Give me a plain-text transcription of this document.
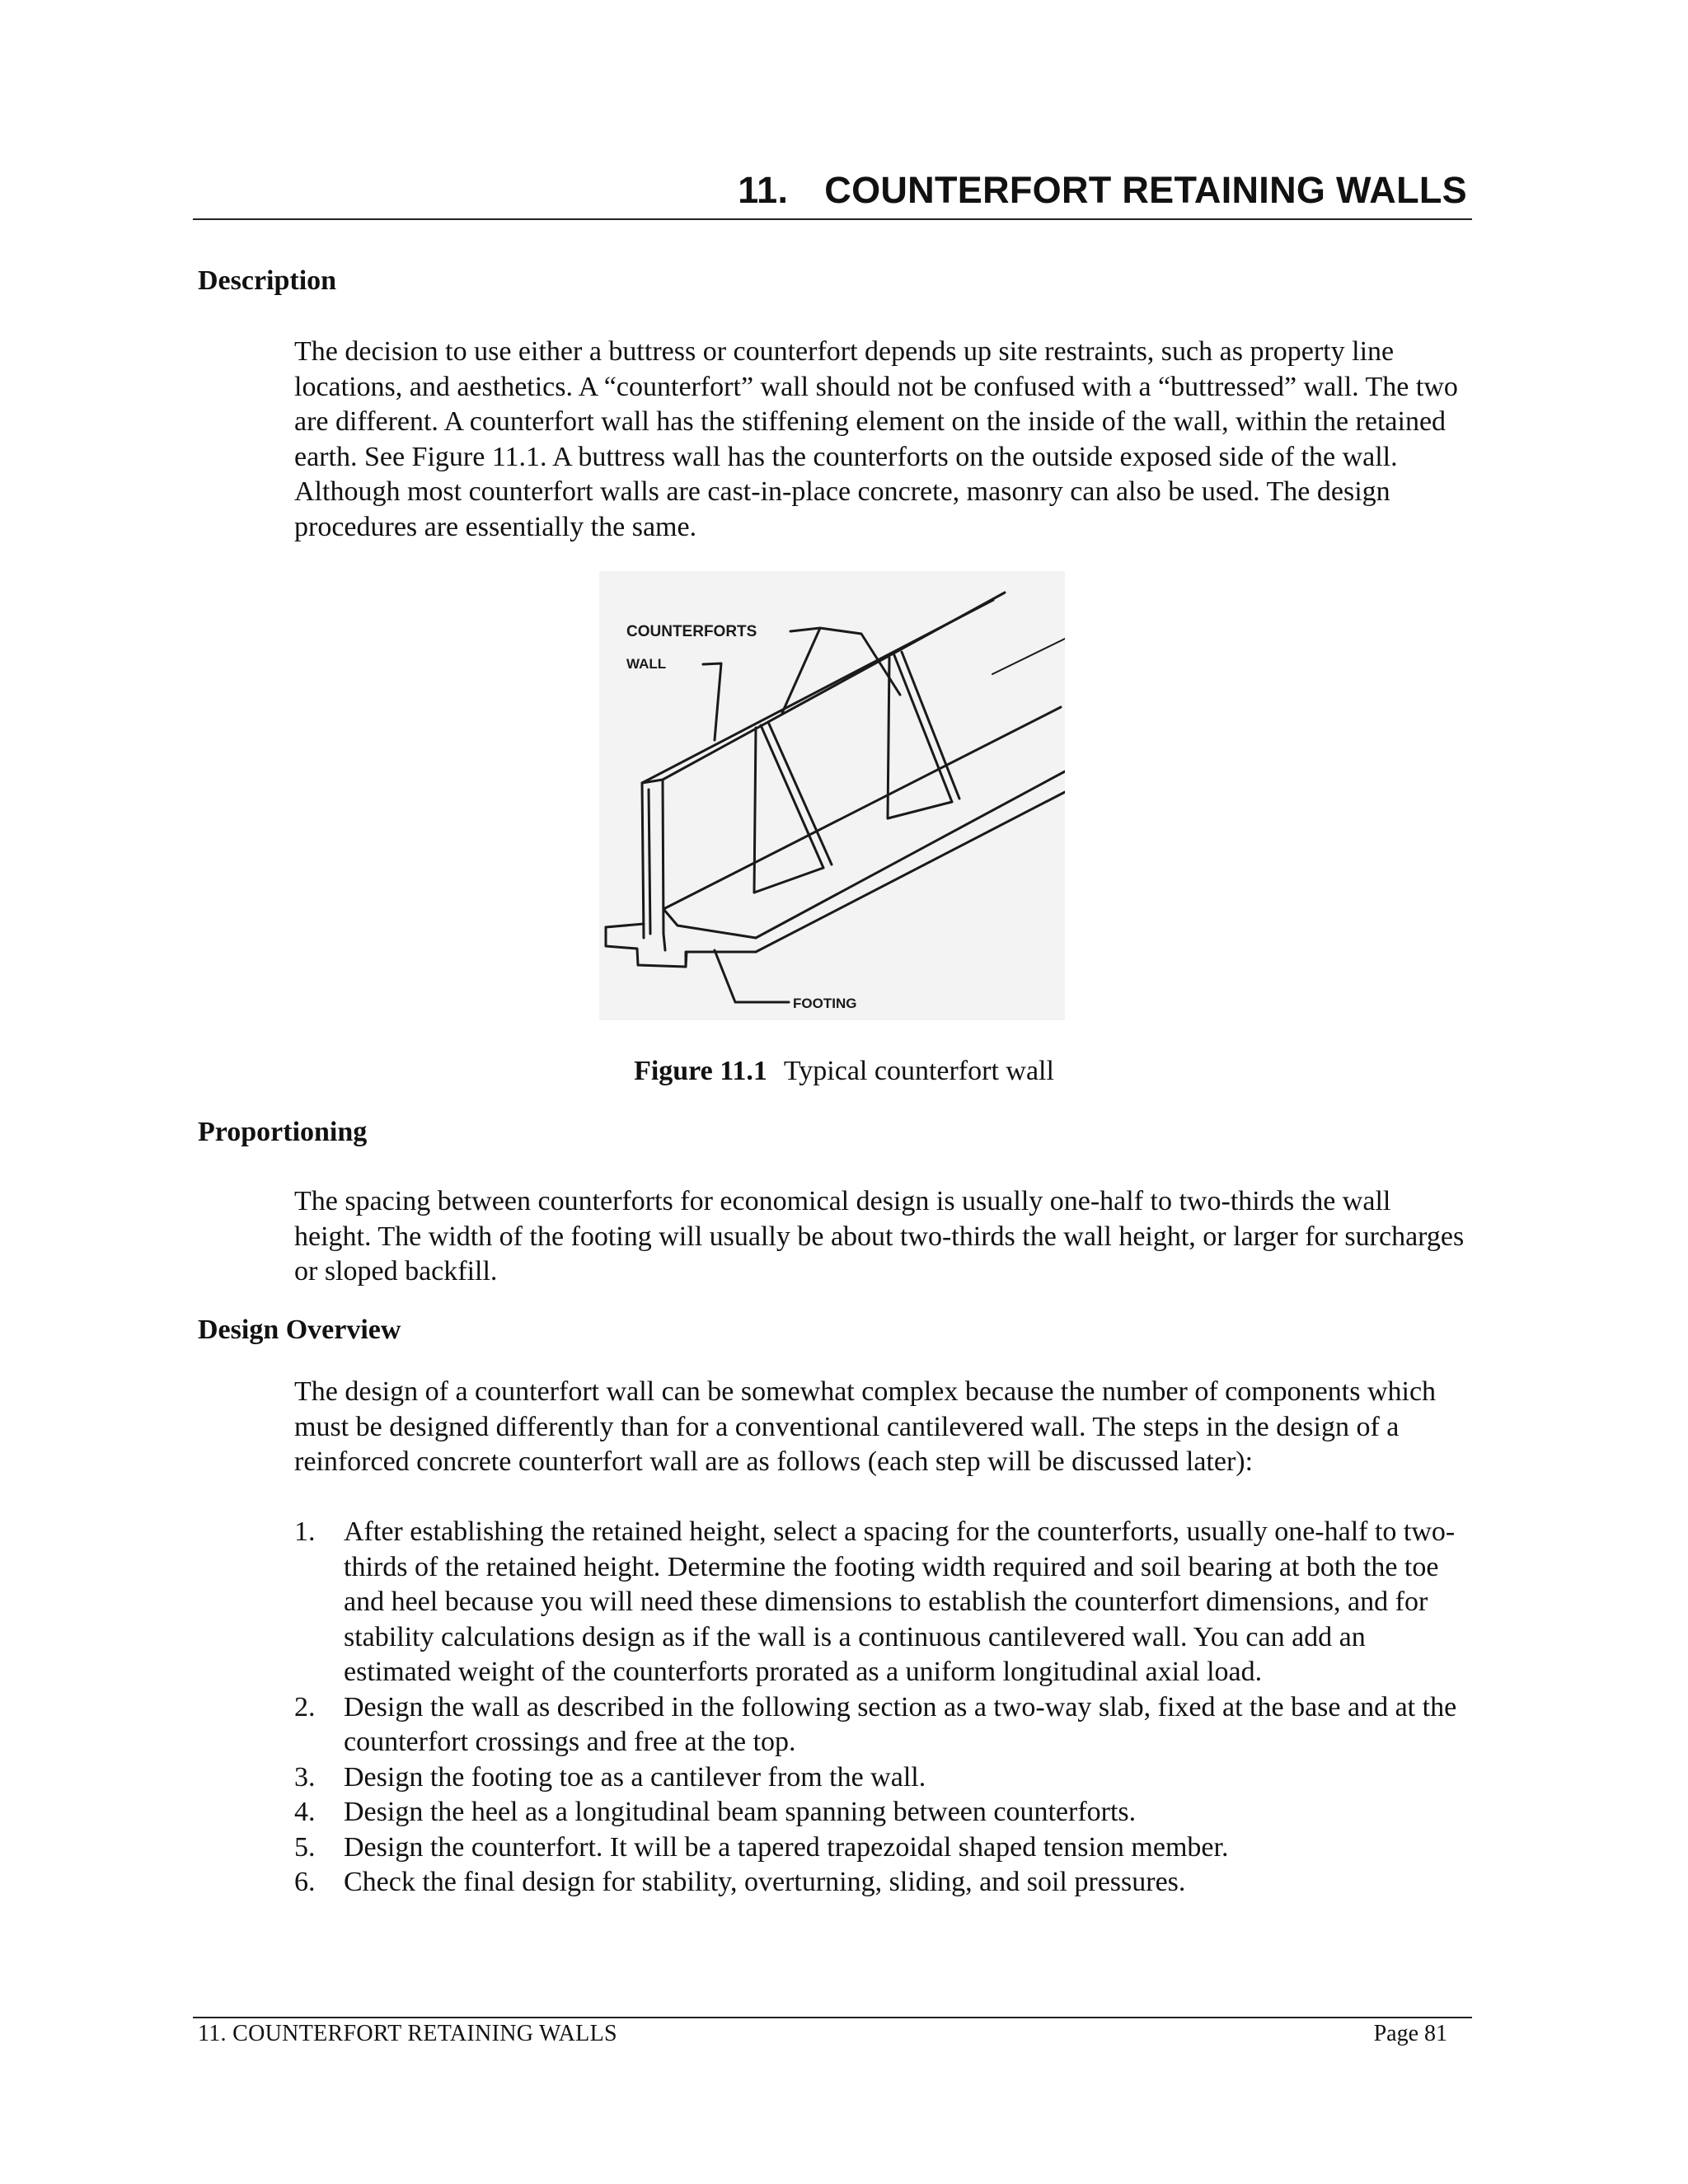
11. COUNTERFORT RETAINING WALLS
Description

The decision to use either a buttress or counterfort depends up site restraints, such as property line locations, and aesthetics. A “counterfort” wall should not be confused with a “buttressed” wall. The two are different. A counterfort wall has the stiffening element on the inside of the wall, within the retained earth. See Figure 11.1. A buttress wall has the counterforts on the outside exposed side of the wall. Although most counterfort walls are cast-in-place concrete, masonry can also be used. The design procedures are essentially the same.

COUNTERFORTS
WALL
FOOTING

Figure 11.1 Typical counterfort wall

Proportioning

The spacing between counterforts for economical design is usually one-half to two-thirds the wall height. The width of the footing will usually be about two-thirds the wall height, or larger for surcharges or sloped backfill.

Design Overview

The design of a counterfort wall can be somewhat complex because the number of components which must be designed differently than for a conventional cantilevered wall. The steps in the design of a reinforced concrete counterfort wall are as follows (each step will be discussed later):

1. After establishing the retained height, select a spacing for the counterforts, usually one-half to two-thirds of the retained height. Determine the footing width required and soil bearing at both the toe and heel because you will need these dimensions to establish the counterfort dimensions, and for stability calculations design as if the wall is a continuous cantilevered wall. You can add an estimated weight of the counterforts prorated as a uniform longitudinal axial load.
2. Design the wall as described in the following section as a two-way slab, fixed at the base and at the counterfort crossings and free at the top.
3. Design the footing toe as a cantilever from the wall.
4. Design the heel as a longitudinal beam spanning between counterforts.
5. Design the counterfort. It will be a tapered trapezoidal shaped tension member.
6. Check the final design for stability, overturning, sliding, and soil pressures.

11. COUNTERFORT RETAINING WALLS	Page 81
